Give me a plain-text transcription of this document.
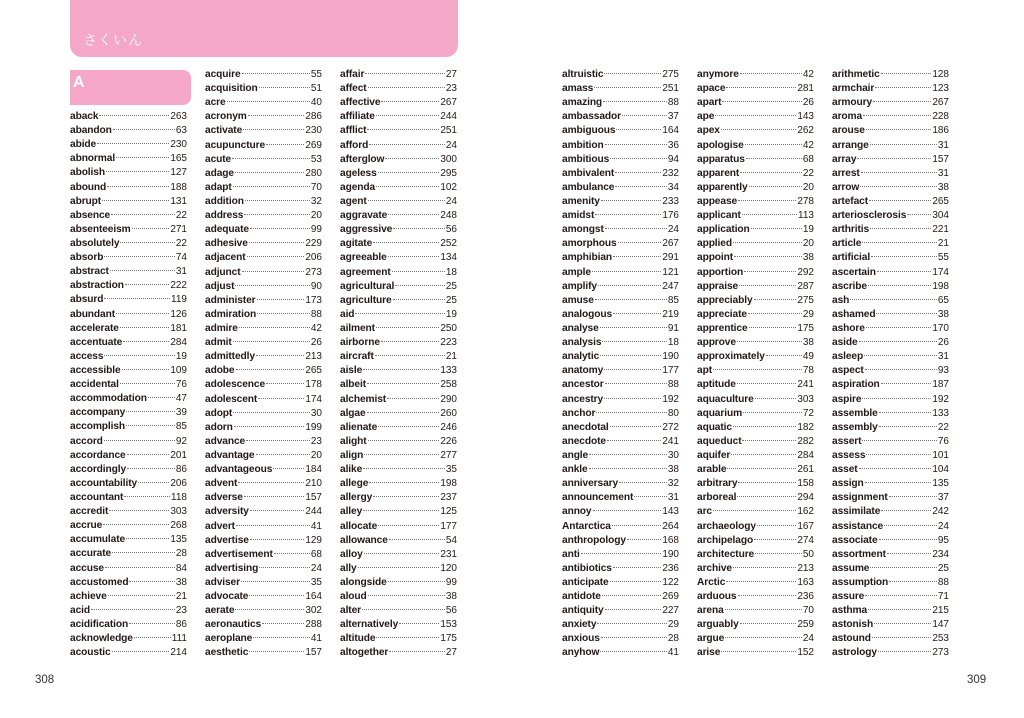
さくいん
A
aback	263
abandon	63
abide	230
abnormal	165
abolish	127
abound	188
abrupt	131
absence	22
absenteeism	271
absolutely	22
absorb	74
abstract	31
abstraction	222
absurd	119
abundant	126
accelerate	181
accentuate	284
access	19
accessible	109
accidental	76
accommodation	47
accompany	39
accomplish	85
accord	92
accordance	201
accordingly	86
accountability	206
accountant	118
accredit	303
accrue	268
accumulate	135
accurate	28
accuse	84
accustomed	38
achieve	21
acid	23
acidification	86
acknowledge	111
acoustic	214
acquire	55
acquisition	51
acre	40
acronym	286
activate	230
acupuncture	269
acute	53
adage	280
adapt	70
addition	32
address	20
adequate	99
adhesive	229
adjacent	206
adjunct	273
adjust	90
administer	173
admiration	88
admire	42
admit	26
admittedly	213
adobe	265
adolescence	178
adolescent	174
adopt	30
adorn	199
advance	23
advantage	20
advantageous	184
advent	210
adverse	157
adversity	244
advert	41
advertise	129
advertisement	68
advertising	24
adviser	35
advocate	164
aerate	302
aeronautics	288
aeroplane	41
aesthetic	157
affair	27
affect	23
affective	267
affiliate	244
afflict	251
afford	24
afterglow	300
ageless	295
agenda	102
agent	24
aggravate	248
aggressive	56
agitate	252
agreeable	134
agreement	18
agricultural	25
agriculture	25
aid	19
ailment	250
airborne	223
aircraft	21
aisle	133
albeit	258
alchemist	290
algae	260
alienate	246
alight	226
align	277
alike	35
allege	198
allergy	237
alley	125
allocate	177
allowance	54
alloy	231
ally	120
alongside	99
aloud	38
alter	56
alternatively	153
altitude	175
altogether	27
altruistic	275
amass	251
amazing	88
ambassador	37
ambiguous	164
ambition	36
ambitious	94
ambivalent	232
ambulance	34
amenity	233
amidst	176
amongst	24
amorphous	267
amphibian	291
ample	121
amplify	247
amuse	85
analogous	219
analyse	91
analysis	18
analytic	190
anatomy	177
ancestor	88
ancestry	192
anchor	80
anecdotal	272
anecdote	241
angle	30
ankle	38
anniversary	32
announcement	31
annoy	143
Antarctica	264
anthropology	168
anti	190
antibiotics	236
anticipate	122
antidote	269
antiquity	227
anxiety	29
anxious	28
anyhow	41
anymore	42
apace	281
apart	26
ape	143
apex	262
apologise	42
apparatus	68
apparent	22
apparently	20
appease	278
applicant	113
application	19
applied	20
appoint	38
apportion	292
appraise	287
appreciably	275
appreciate	29
apprentice	175
approve	38
approximately	49
apt	78
aptitude	241
aquaculture	303
aquarium	72
aquatic	182
aqueduct	282
aquifer	284
arable	261
arbitrary	158
arboreal	294
arc	162
archaeology	167
archipelago	274
architecture	50
archive	213
Arctic	163
arduous	236
arena	70
arguably	259
argue	24
arise	152
arithmetic	128
armchair	123
armoury	267
aroma	228
arouse	186
arrange	31
array	157
arrest	31
arrow	38
artefact	265
arteriosclerosis	304
arthritis	221
article	21
artificial	55
ascertain	174
ascribe	198
ash	65
ashamed	38
ashore	170
aside	26
asleep	31
aspect	93
aspiration	187
aspire	192
assemble	133
assembly	22
assert	76
assess	101
asset	104
assign	135
assignment	37
assimilate	242
assistance	24
associate	95
assortment	234
assume	25
assumption	88
assure	71
asthma	215
astonish	147
astound	253
astrology	273
308	309
